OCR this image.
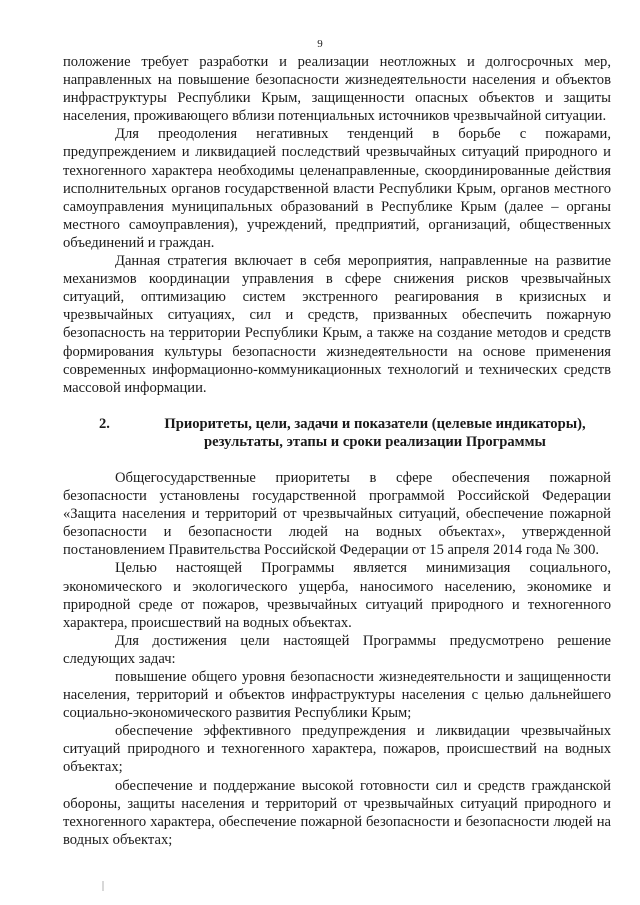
9

положение требует разработки и реализации неотложных и долгосрочных мер, направленных на повышение безопасности жизнедеятельности населения и объектов инфраструктуры Республики Крым, защищенности опасных объектов и защиты населения, проживающего вблизи потенциальных источников чрезвычайной ситуации.

Для преодоления негативных тенденций в борьбе с пожарами, предупреждением и ликвидацией последствий чрезвычайных ситуаций природного и техногенного характера необходимы целенаправленные, скоординированные действия исполнительных органов государственной власти Республики Крым, органов местного самоуправления муниципальных образований в Республике Крым (далее – органы местного самоуправления), учреждений, предприятий, организаций, общественных объединений и граждан.

Данная стратегия включает в себя мероприятия, направленные на развитие механизмов координации управления в сфере снижения рисков чрезвычайных ситуаций, оптимизацию систем экстренного реагирования в кризисных и чрезвычайных ситуациях, сил и средств, призванных обеспечить пожарную безопасность на территории Республики Крым, а также на создание методов и средств формирования культуры безопасности жизнедеятельности на основе применения современных информационно-коммуникационных технологий и технических средств массовой информации.

2.	Приоритеты, цели, задачи и показатели (целевые индикаторы),
результаты, этапы и сроки реализации Программы

Общегосударственные приоритеты в сфере обеспечения пожарной безопасности установлены государственной программой Российской Федерации «Защита населения и территорий от чрезвычайных ситуаций, обеспечение пожарной безопасности и безопасности людей на водных объектах», утвержденной постановлением Правительства Российской Федерации от 15 апреля 2014 года № 300.

Целью настоящей Программы является минимизация социального, экономического и экологического ущерба, наносимого населению, экономике и природной среде от пожаров, чрезвычайных ситуаций природного и техногенного характера, происшествий на водных объектах.

Для достижения цели настоящей Программы предусмотрено решение следующих задач:

повышение общего уровня безопасности жизнедеятельности и защищенности населения, территорий и объектов инфраструктуры населения с целью дальнейшего социально-экономического развития Республики Крым;

обеспечение эффективного предупреждения и ликвидации чрезвычайных ситуаций природного и техногенного характера, пожаров, происшествий на водных объектах;

обеспечение и поддержание высокой готовности сил и средств гражданской обороны, защиты населения и территорий от чрезвычайных ситуаций природного и техногенного характера, обеспечение пожарной безопасности и безопасности людей на водных объектах;
